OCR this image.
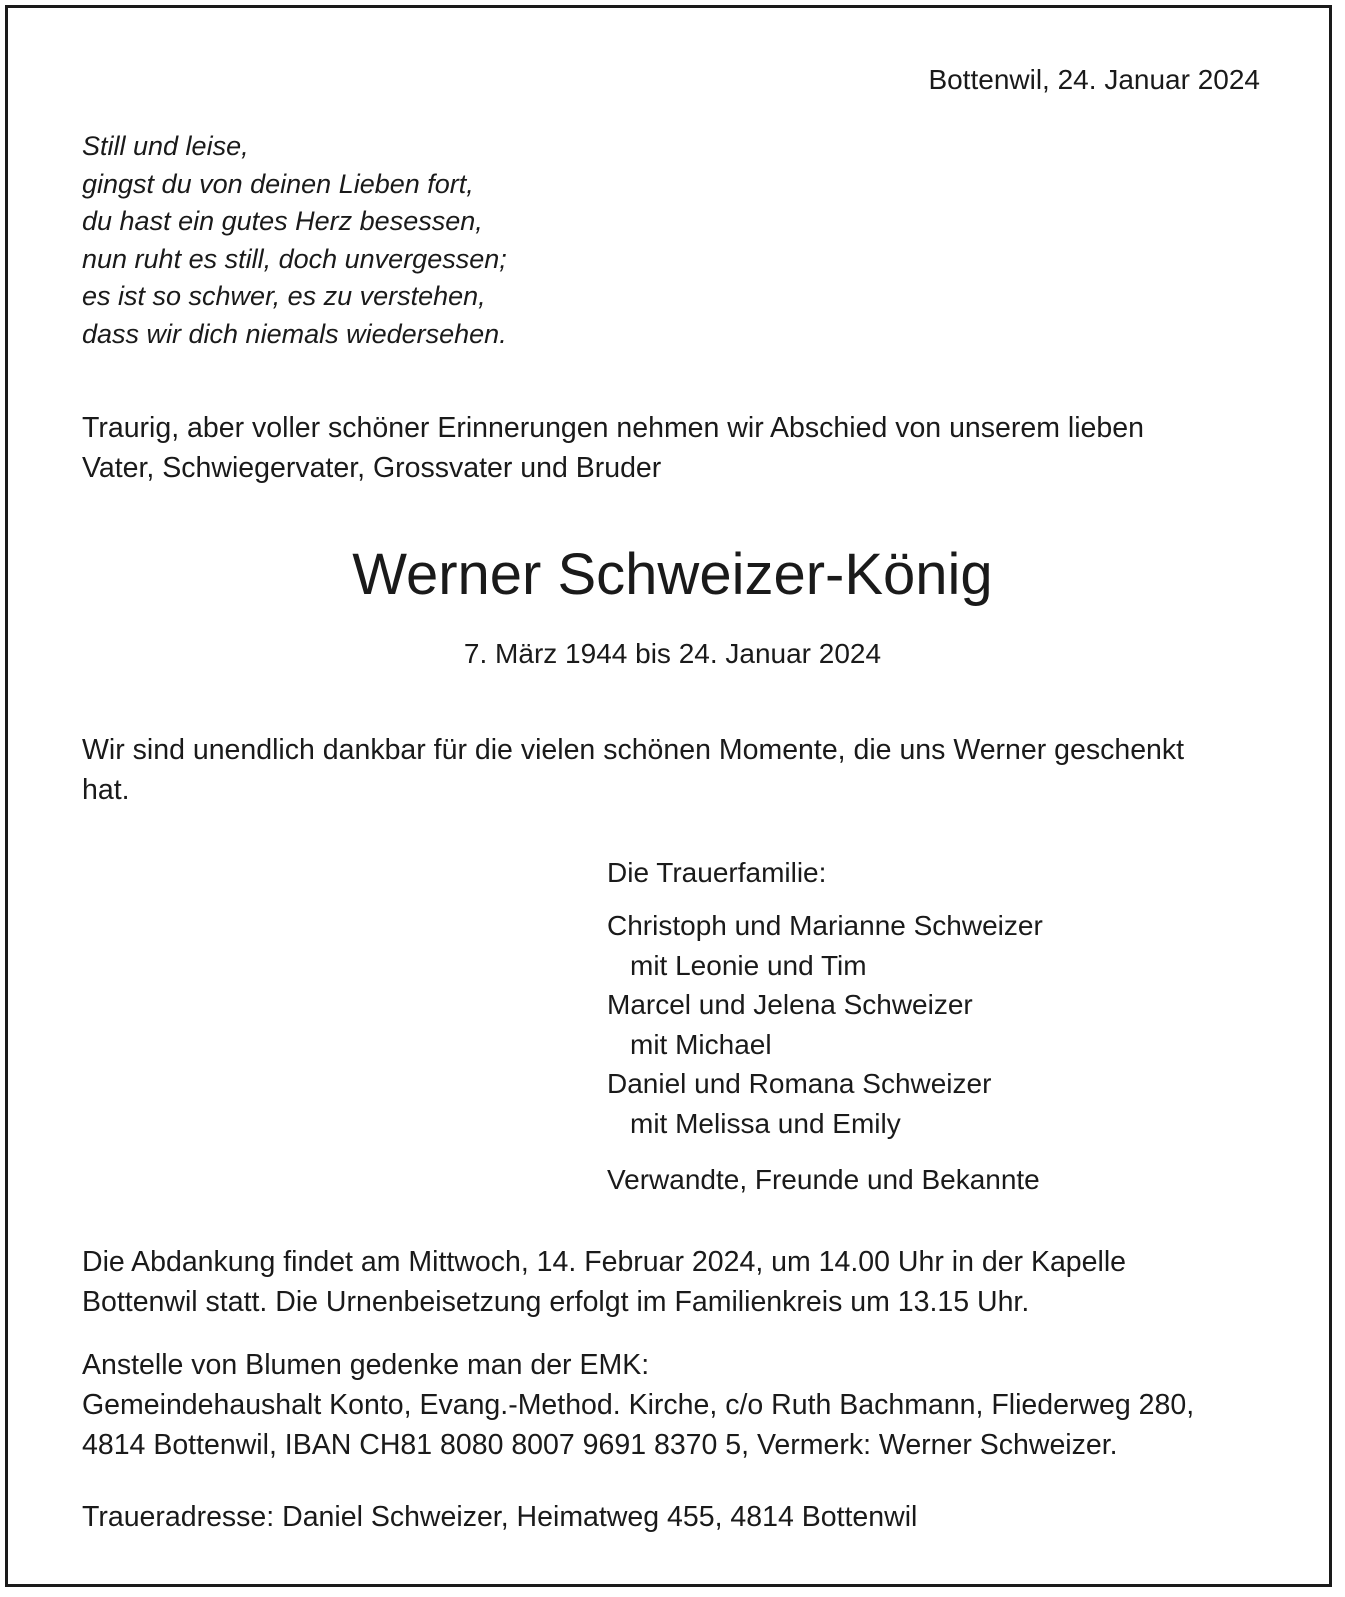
Bottenwil, 24. Januar 2024
Still und leise,
gingst du von deinen Lieben fort,
du hast ein gutes Herz besessen,
nun ruht es still, doch unvergessen;
es ist so schwer, es zu verstehen,
dass wir dich niemals wiedersehen.
Traurig, aber voller schöner Erinnerungen nehmen wir Abschied von unserem lieben
Vater, Schwiegervater, Grossvater und Bruder
Werner Schweizer-König
7. März 1944 bis 24. Januar 2024
Wir sind unendlich dankbar für die vielen schönen Momente, die uns Werner geschenkt
hat.
Die Trauerfamilie:
Christoph und Marianne Schweizer
mit Leonie und Tim
Marcel und Jelena Schweizer
mit Michael
Daniel und Romana Schweizer
mit Melissa und Emily
Verwandte, Freunde und Bekannte
Die Abdankung findet am Mittwoch, 14. Februar 2024, um 14.00 Uhr in der Kapelle
Bottenwil statt. Die Urnenbeisetzung erfolgt im Familienkreis um 13.15 Uhr.
Anstelle von Blumen gedenke man der EMK:
Gemeindehaushalt Konto, Evang.-Method. Kirche, c/o Ruth Bachmann, Fliederweg 280,
4814 Bottenwil, IBAN CH81 8080 8007 9691 8370 5, Vermerk: Werner Schweizer.
Traueradresse: Daniel Schweizer, Heimatweg 455, 4814 Bottenwil
